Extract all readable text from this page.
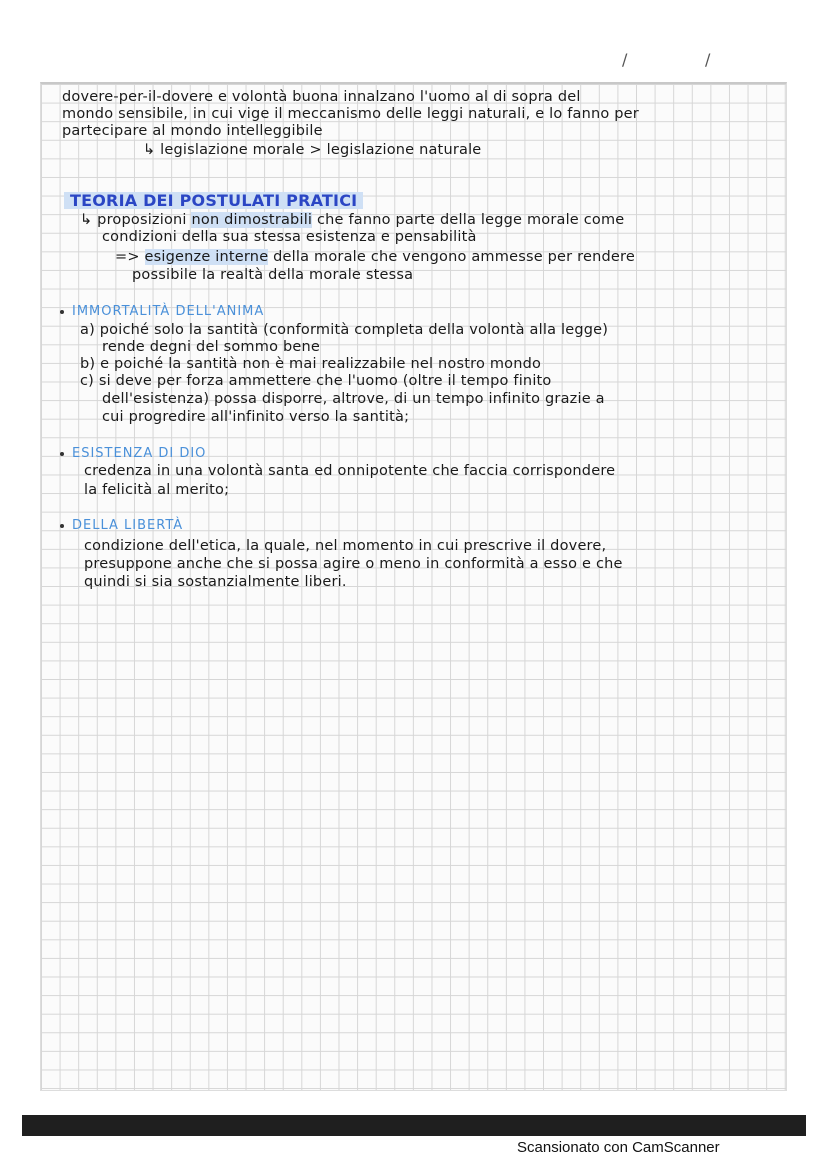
/	/
dovere-per-il-dovere e volontà buona innalzano l'uomo al di sopra del
mondo sensibile, in cui vige il meccanismo delle leggi naturali, e lo fanno per
partecipare al mondo intelleggibile
↳ legislazione morale > legislazione naturale
TEORIA DEI POSTULATI PRATICI
↳ proposizioni non dimostrabili che fanno parte della legge morale come
condizioni della sua stessa esistenza e pensabilità
=> esigenze interne della morale che vengono ammesse per rendere
possibile la realtà della morale stessa
IMMORTALITÀ DELL'ANIMA
a) poiché solo la santità (conformità completa della volontà alla legge)
rende degni del sommo bene
b) e poiché la santità non è mai realizzabile nel nostro mondo
c) si deve per forza ammettere che l'uomo (oltre il tempo finito
dell'esistenza) possa disporre, altrove, di un tempo infinito grazie a
cui progredire all'infinito verso la santità;
ESISTENZA DI DIO
credenza in una volontà santa ed onnipotente che faccia corrispondere
la felicità al merito;
DELLA LIBERTÀ
condizione dell'etica, la quale, nel momento in cui prescrive il dovere,
presuppone anche che si possa agire o meno in conformità a esso e che
quindi si sia sostanzialmente liberi.
Scansionato con CamScanner
